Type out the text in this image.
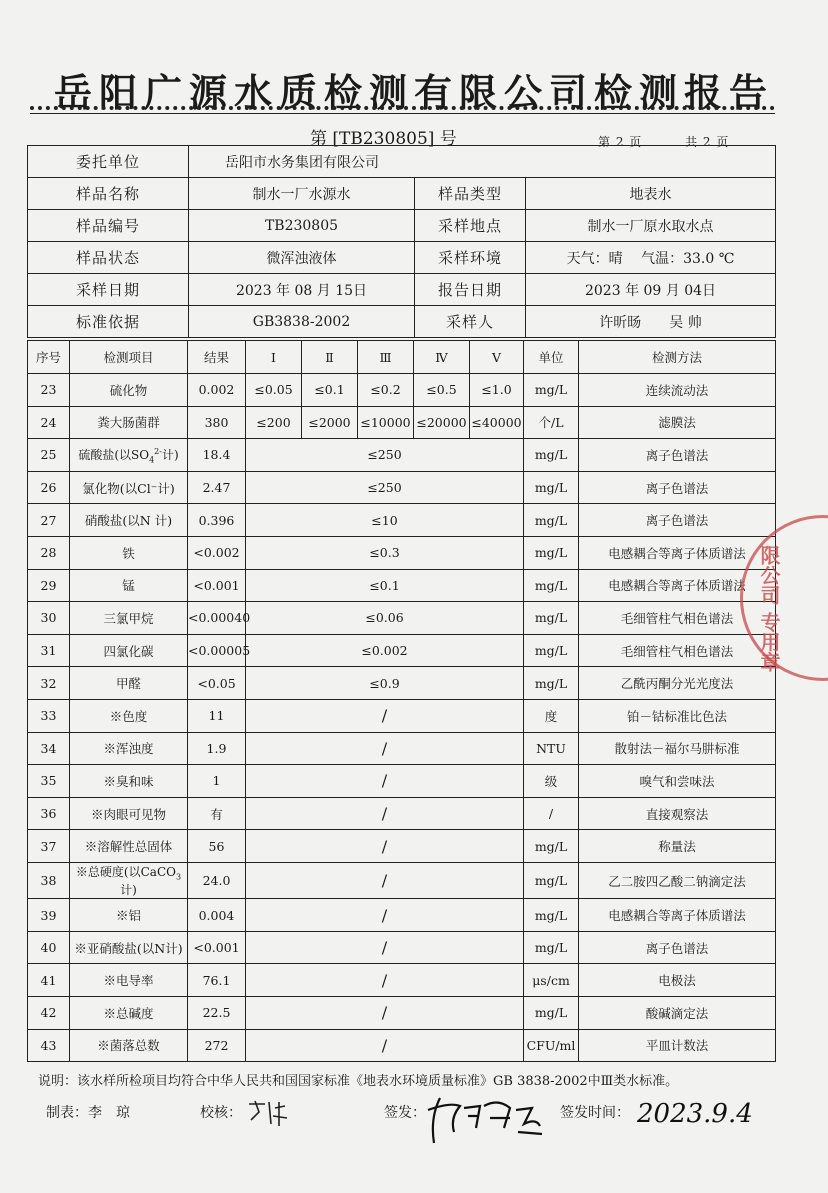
岳阳广源水质检测有限公司检测报告
第 [TB230805] 号	第 2 页	共 2 页
委托单位	岳阳市水务集团有限公司		
样品名称	制水一厂水源水	样品类型	地表水
样品编号	TB230805	采样地点	制水一厂原水取水点
样品状态	微浑浊液体	采样环境	天气：晴　 气温：33.0 ℃
采样日期	2023 年 08 月 15日	报告日期	2023 年 09 月 04日
标准依据	GB3838-2002	采样人	许昕旸　　吴 帅
序号	检测项目	结果	Ⅰ	Ⅱ	Ⅲ	Ⅳ	Ⅴ	单位	检测方法
23	硫化物	0.002	≤0.05	≤0.1	≤0.2	≤0.5	≤1.0	mg/L	连续流动法
24	粪大肠菌群	380	≤200	≤2000	≤10000	≤20000	≤40000	个/L	滤膜法
25	硫酸盐(以$SO_4^{2-}$计)	18.4	≤250					mg/L	离子色谱法
26	氯化物(以Cl⁻计)	2.47	≤250					mg/L	离子色谱法
27	硝酸盐(以N 计)	0.396	≤10					mg/L	离子色谱法
28	铁	<0.002	≤0.3					mg/L	电感耦合等离子体质谱法
29	锰	<0.001	≤0.1					mg/L	电感耦合等离子体质谱法
30	三氯甲烷	<0.00040	≤0.06					mg/L	毛细管柱气相色谱法
31	四氯化碳	<0.00005	≤0.002					mg/L	毛细管柱气相色谱法
32	甲醛	<0.05	≤0.9					mg/L	乙酰丙酮分光光度法
33	※色度	11	/					度	铂－钴标准比色法
34	※浑浊度	1.9	/					NTU	散射法－福尔马肼标准
35	※臭和味	1	/					级	嗅气和尝味法
36	※肉眼可见物	有	/					/	直接观察法
37	※溶解性总固体	56	/					mg/L	称量法
38	※总硬度(以CaCO$_3$计)	24.0	/					mg/L	乙二胺四乙酸二钠滴定法
39	※铝	0.004	/					mg/L	电感耦合等离子体质谱法
40	※亚硝酸盐(以N计)	<0.001	/					mg/L	离子色谱法
41	※电导率	76.1	/					μs/cm	电极法
42	※总碱度	22.5	/					mg/L	酸碱滴定法
43	※菌落总数	272	/					CFU/ml	平皿计数法
限公司 专用章
说明：该水样所检项目均符合中华人民共和国国家标准《地表水环境质量标准》GB 3838-2002中Ⅲ类水标准。
制表：李　琼	校核：	签发：	签发时间： 2023.9.4
